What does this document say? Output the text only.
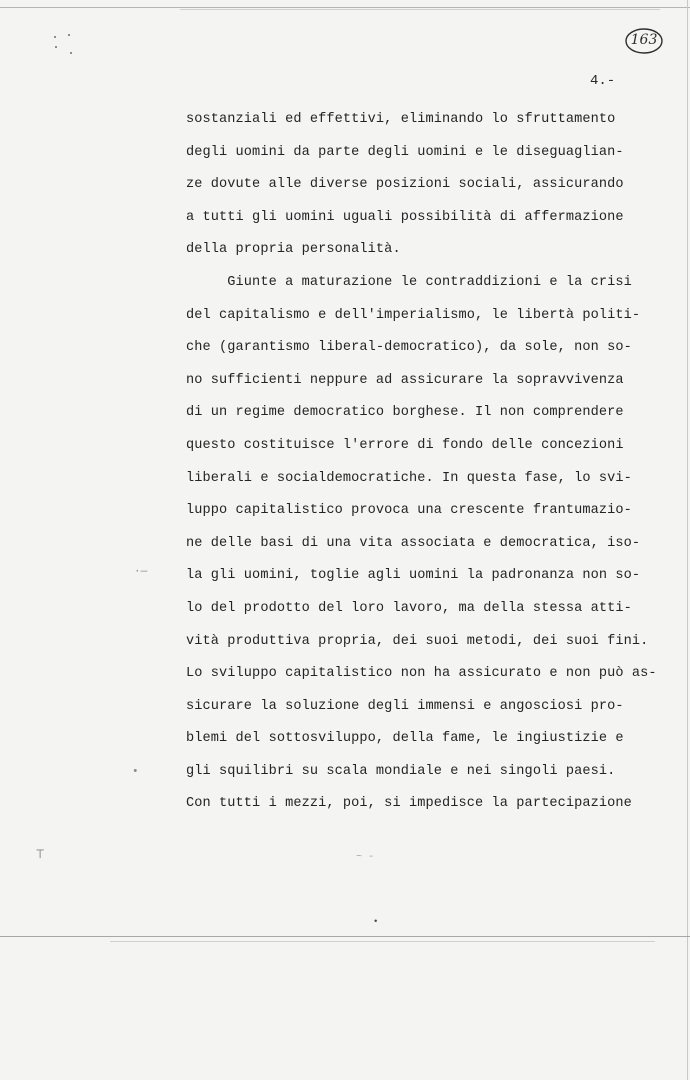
163
4.-
sostanziali ed effettivi, eliminando lo sfruttamento
degli uomini da parte degli uomini e le diseguaglian-
ze dovute alle diverse posizioni sociali, assicurando
a tutti gli uomini uguali possibilità di affermazione
della propria personalità.
Giunte a maturazione le contraddizioni e la crisi
del capitalismo e dell'imperialismo, le libertà politi-
che (garantismo liberal-democratico), da sole, non so-
no sufficienti neppure ad assicurare la sopravvivenza
di un regime democratico borghese. Il non comprendere
questo costituisce l'errore di fondo delle concezioni
liberali e socialdemocratiche. In questa fase, lo svi-
luppo capitalistico provoca una crescente frantumazio-
ne delle basi di una vita associata e democratica, iso-
la gli uomini, toglie agli uomini la padronanza non so-
lo del prodotto del loro lavoro, ma della stessa atti-
vità produttiva propria, dei suoi metodi, dei suoi fini.
Lo sviluppo capitalistico non ha assicurato e non può as-
sicurare la soluzione degli immensi e angosciosi pro-
blemi del sottosviluppo, della fame, le ingiustizie e
gli squilibri su scala mondiale e nei singoli paesi.
Con tutti i mezzi, poi, si impedisce la partecipazione
·—
•
⊤	~ -
•
